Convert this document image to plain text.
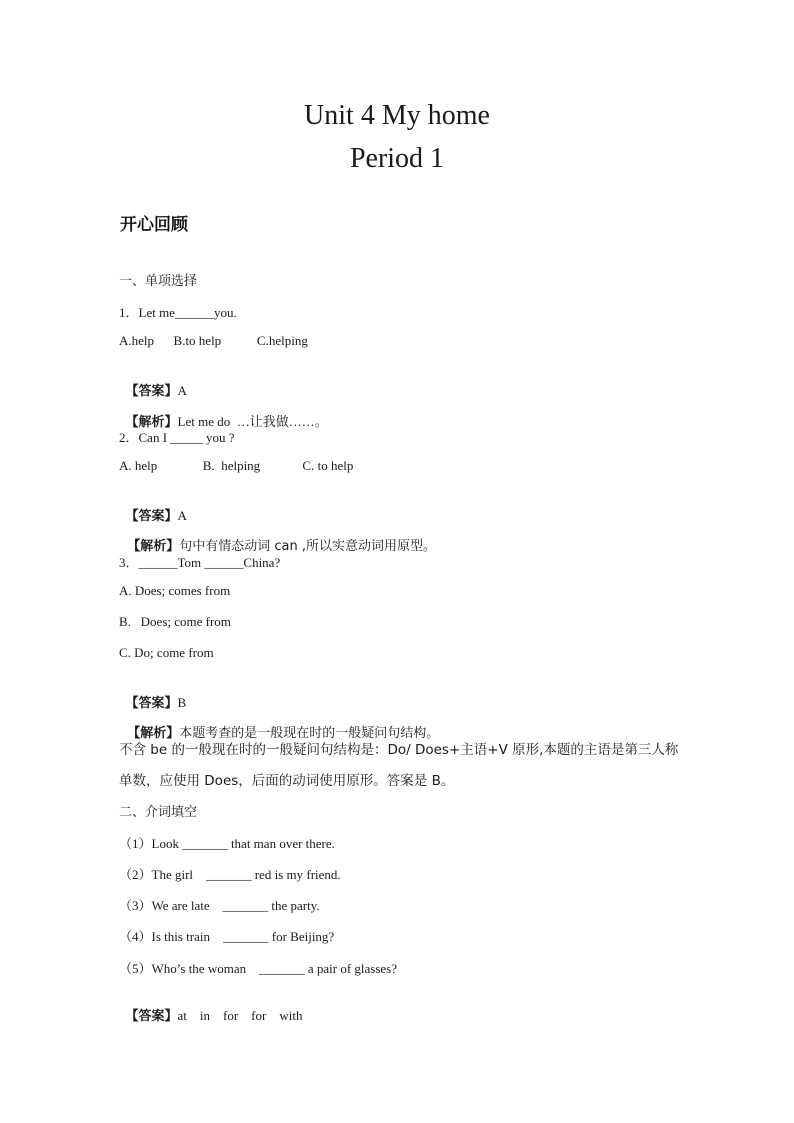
Unit 4 My home
Period 1
开心回顾
一、单项选择
1．Let me______you.
A.help      B.to help           C.helping

【答案】A

【解析】Let me do  …让我做……。

2．Can I _____ you ?
A. help              B.  helping             C. to help

【答案】A

【解析】句中有情态动词 can ,所以实意动词用原型。

3．______Tom ______China?
A. Does; comes from
B.   Does; come from
C. Do; come from

【答案】B

【解析】本题考查的是一般现在时的一般疑问句结构。

不含 be 的一般现在时的一般疑问句结构是：Do/ Does+主语+V 原形,本题的主语是第三人称
单数，应使用 Does，后面的动词使用原形。答案是 B。
二、介词填空
（1）Look _______ that man over there.
（2）The girl    _______ red is my friend.
（3）We are late    _______ the party.
（4）Is this train    _______ for Beijing?
（5）Who’s the woman    _______ a pair of glasses?

【答案】at    in    for    for    with
